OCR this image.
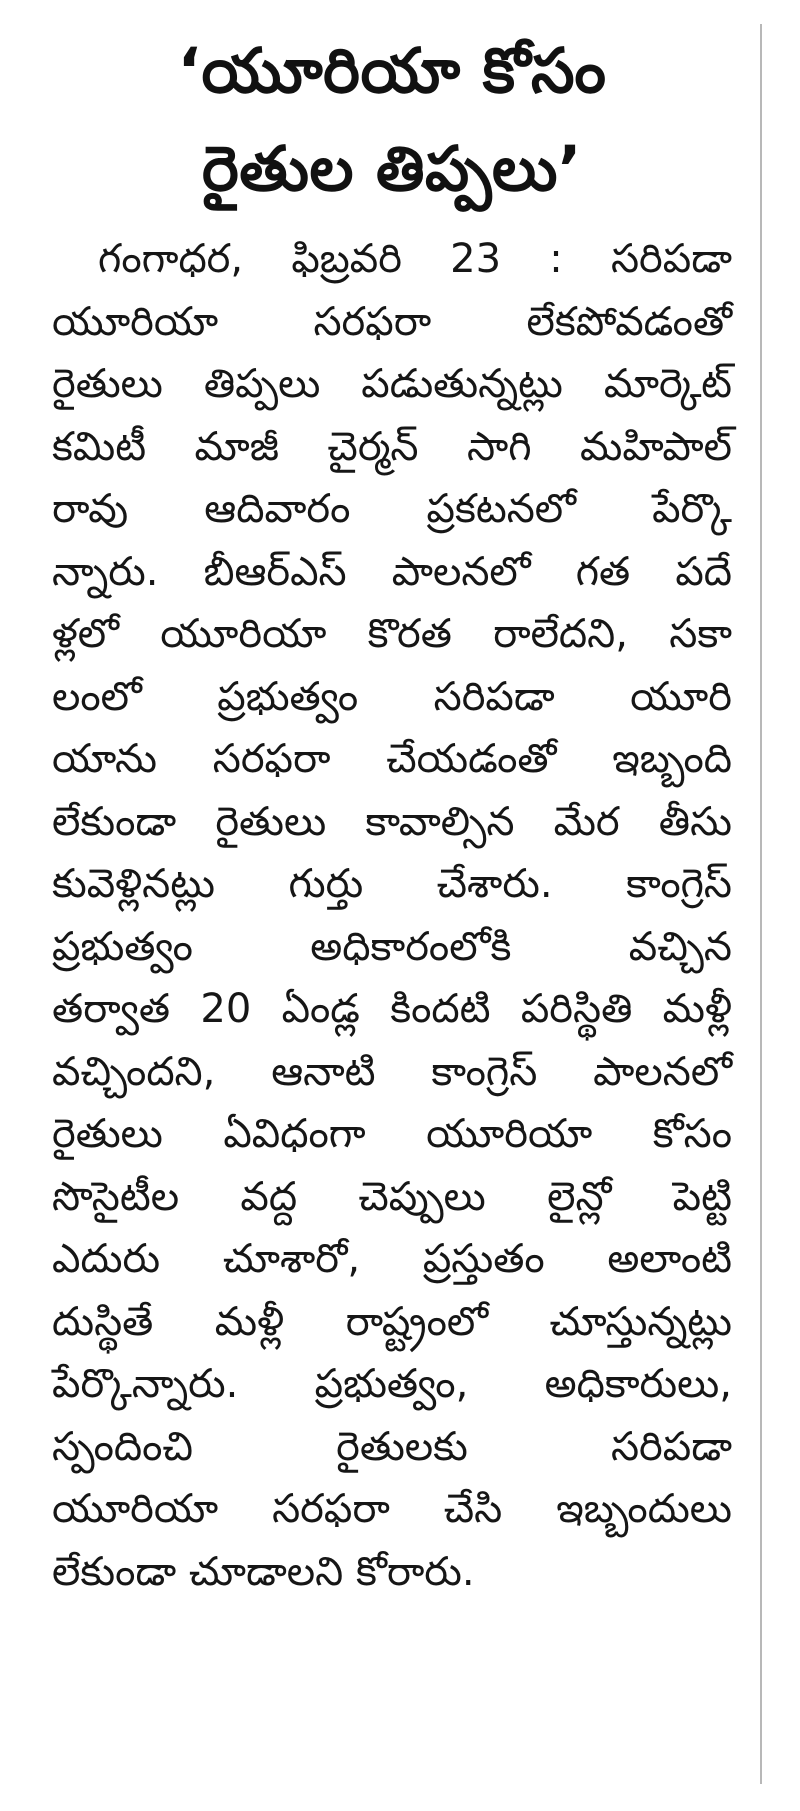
‘యూరియా కోసం
రైతుల తిప్పలు’
గంగాధర, ఫిబ్రవరి 23 : సరిపడా
యూరియా సరఫరా లేకపోవడంతో
రైతులు తిప్పలు పడుతున్నట్లు మార్కెట్
కమిటీ మాజీ చైర్మన్ సాగి మహిపాల్
రావు ఆదివారం ప్రకటనలో పేర్కొ
న్నారు. బీఆర్ఎస్ పాలనలో గత పదే
ళ్లలో యూరియా కొరత రాలేదని, సకా
లంలో ప్రభుత్వం సరిపడా యూరి
యాను సరఫరా చేయడంతో ఇబ్బంది
లేకుండా రైతులు కావాల్సిన మేర తీసు
కువెళ్లినట్లు గుర్తు చేశారు. కాంగ్రెస్
ప్రభుత్వం అధికారంలోకి వచ్చిన
తర్వాత 20 ఏండ్ల కిందటి పరిస్థితి మళ్లీ
వచ్చిందని, ఆనాటి కాంగ్రెస్ పాలనలో
రైతులు ఏవిధంగా యూరియా కోసం
సొసైటీల వద్ద చెప్పులు లైన్లో పెట్టి
ఎదురు చూశారో, ప్రస్తుతం అలాంటి
దుస్థితే మళ్లీ రాష్ట్రంలో చూస్తున్నట్లు
పేర్కొన్నారు. ప్రభుత్వం, అధికారులు,
స్పందించి రైతులకు సరిపడా
యూరియా సరఫరా చేసి ఇబ్బందులు
లేకుండా చూడాలని కోరారు.
